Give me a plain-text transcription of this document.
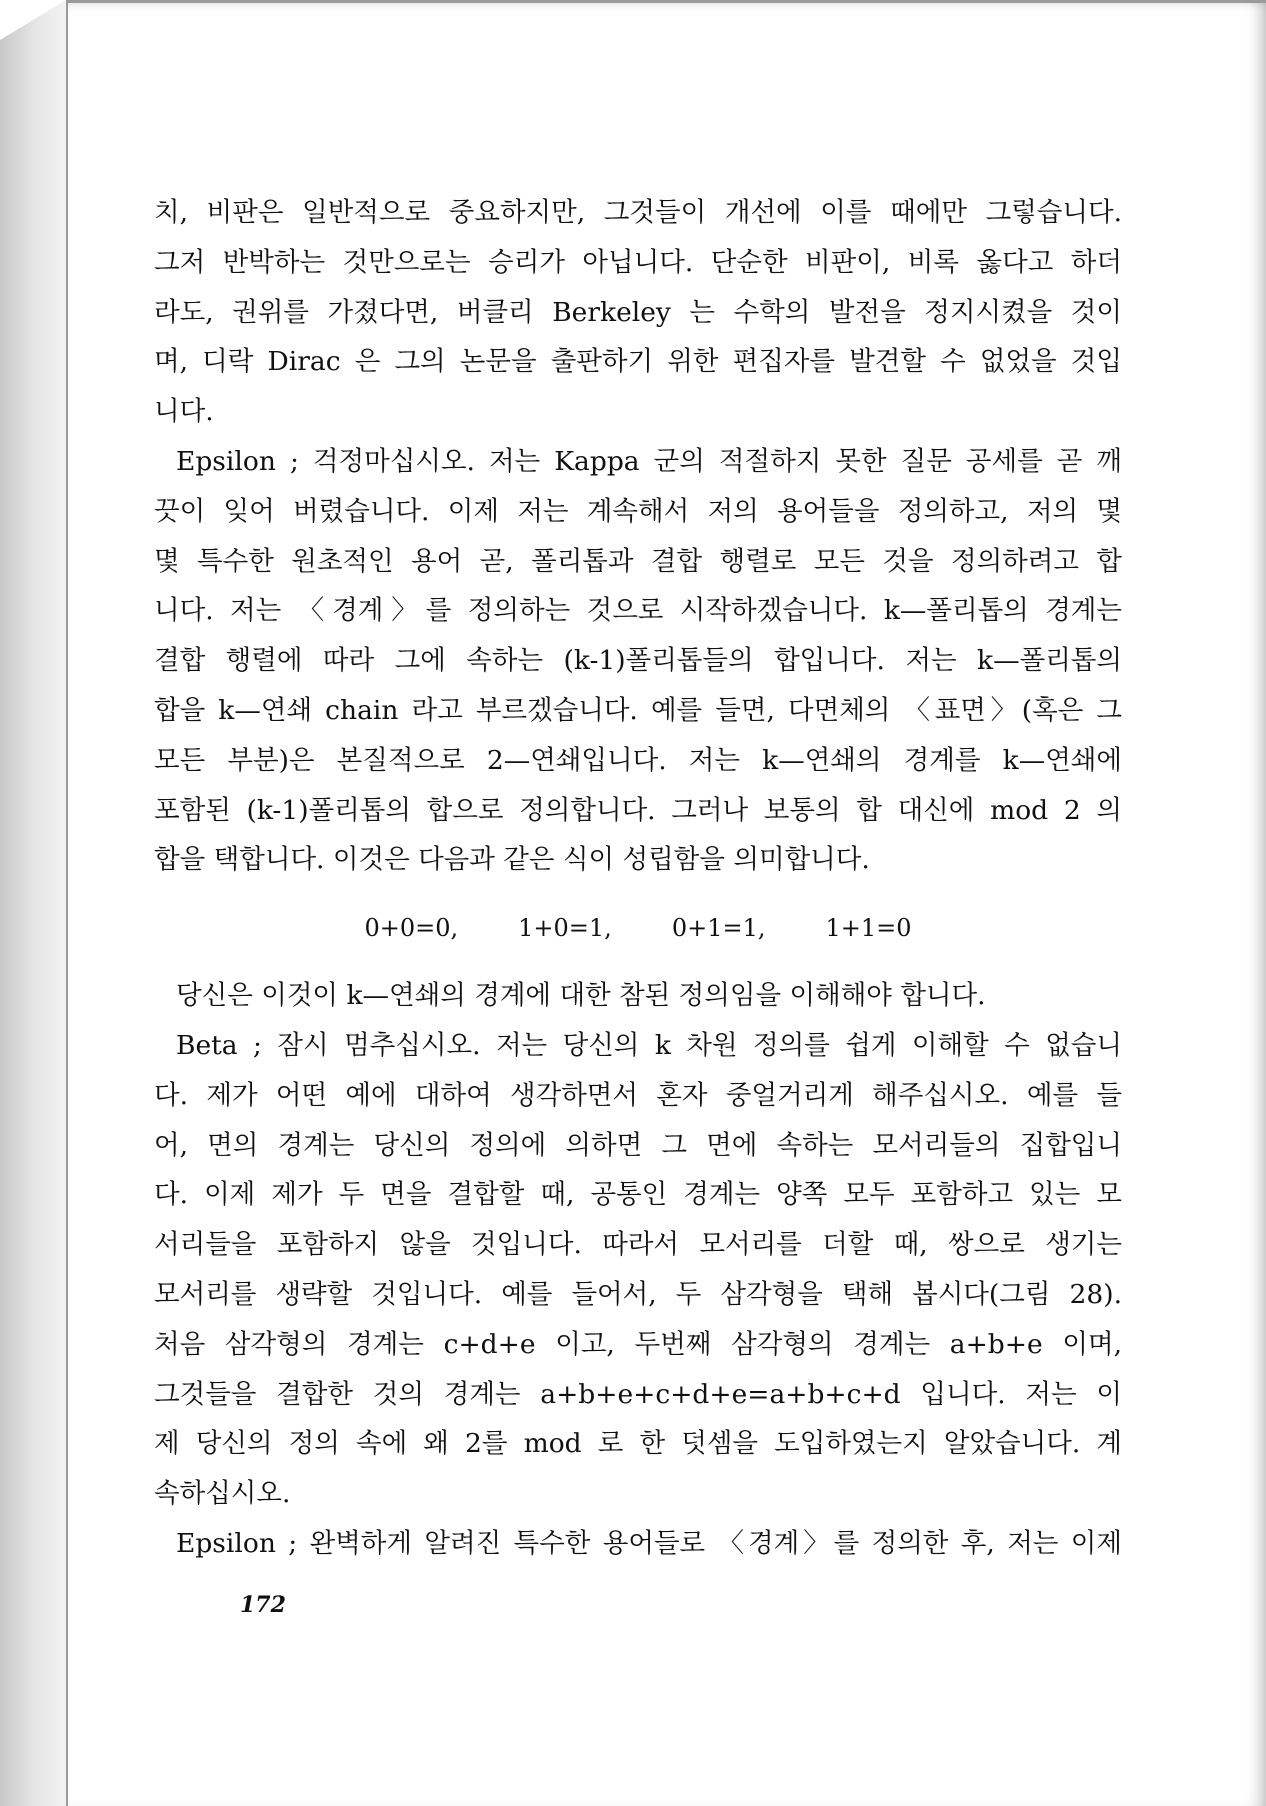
치, 비판은 일반적으로 중요하지만, 그것들이 개선에 이를 때에만 그렇습니다.
그저 반박하는 것만으로는 승리가 아닙니다. 단순한 비판이, 비록 옳다고 하더
라도, 권위를 가졌다면, 버클리 Berkeley 는 수학의 발전을 정지시켰을 것이
며, 디락 Dirac 은 그의 논문을 출판하기 위한 편집자를 발견할 수 없었을 것입
니다.
Epsilon ; 걱정마십시오. 저는 Kappa 군의 적절하지 못한 질문 공세를 곧 깨
끗이 잊어 버렸습니다. 이제 저는 계속해서 저의 용어들을 정의하고, 저의 몇
몇 특수한 원초적인 용어 곧, 폴리톱과 결합 행렬로 모든 것을 정의하려고 합
니다. 저는 〈경계〉를 정의하는 것으로 시작하겠습니다. k—폴리톱의 경계는
결합 행렬에 따라 그에 속하는 (k-1)폴리톱들의 합입니다. 저는 k—폴리톱의
합을 k—연쇄 chain 라고 부르겠습니다. 예를 들면, 다면체의 〈표면〉(혹은 그
모든 부분)은 본질적으로 2—연쇄입니다. 저는 k—연쇄의 경계를 k—연쇄에
포함된 (k-1)폴리톱의 합으로 정의합니다. 그러나 보통의 합 대신에 mod 2 의
합을 택합니다. 이것은 다음과 같은 식이 성립함을 의미합니다.
0+0=0,	1+0=1,	0+1=1,	1+1=0
당신은 이것이 k—연쇄의 경계에 대한 참된 정의임을 이해해야 합니다.
Beta ; 잠시 멈추십시오. 저는 당신의 k 차원 정의를 쉽게 이해할 수 없습니
다. 제가 어떤 예에 대하여 생각하면서 혼자 중얼거리게 해주십시오. 예를 들
어, 면의 경계는 당신의 정의에 의하면 그 면에 속하는 모서리들의 집합입니
다. 이제 제가 두 면을 결합할 때, 공통인 경계는 양쪽 모두 포함하고 있는 모
서리들을 포함하지 않을 것입니다. 따라서 모서리를 더할 때, 쌍으로 생기는
모서리를 생략할 것입니다. 예를 들어서, 두 삼각형을 택해 봅시다(그림 28).
처음 삼각형의 경계는 c+d+e 이고, 두번째 삼각형의 경계는 a+b+e 이며,
그것들을 결합한 것의 경계는 a+b+e+c+d+e=a+b+c+d 입니다. 저는 이
제 당신의 정의 속에 왜 2를 mod 로 한 덧셈을 도입하였는지 알았습니다. 계
속하십시오.
Epsilon ; 완벽하게 알려진 특수한 용어들로 〈경계〉를 정의한 후, 저는 이제
172
